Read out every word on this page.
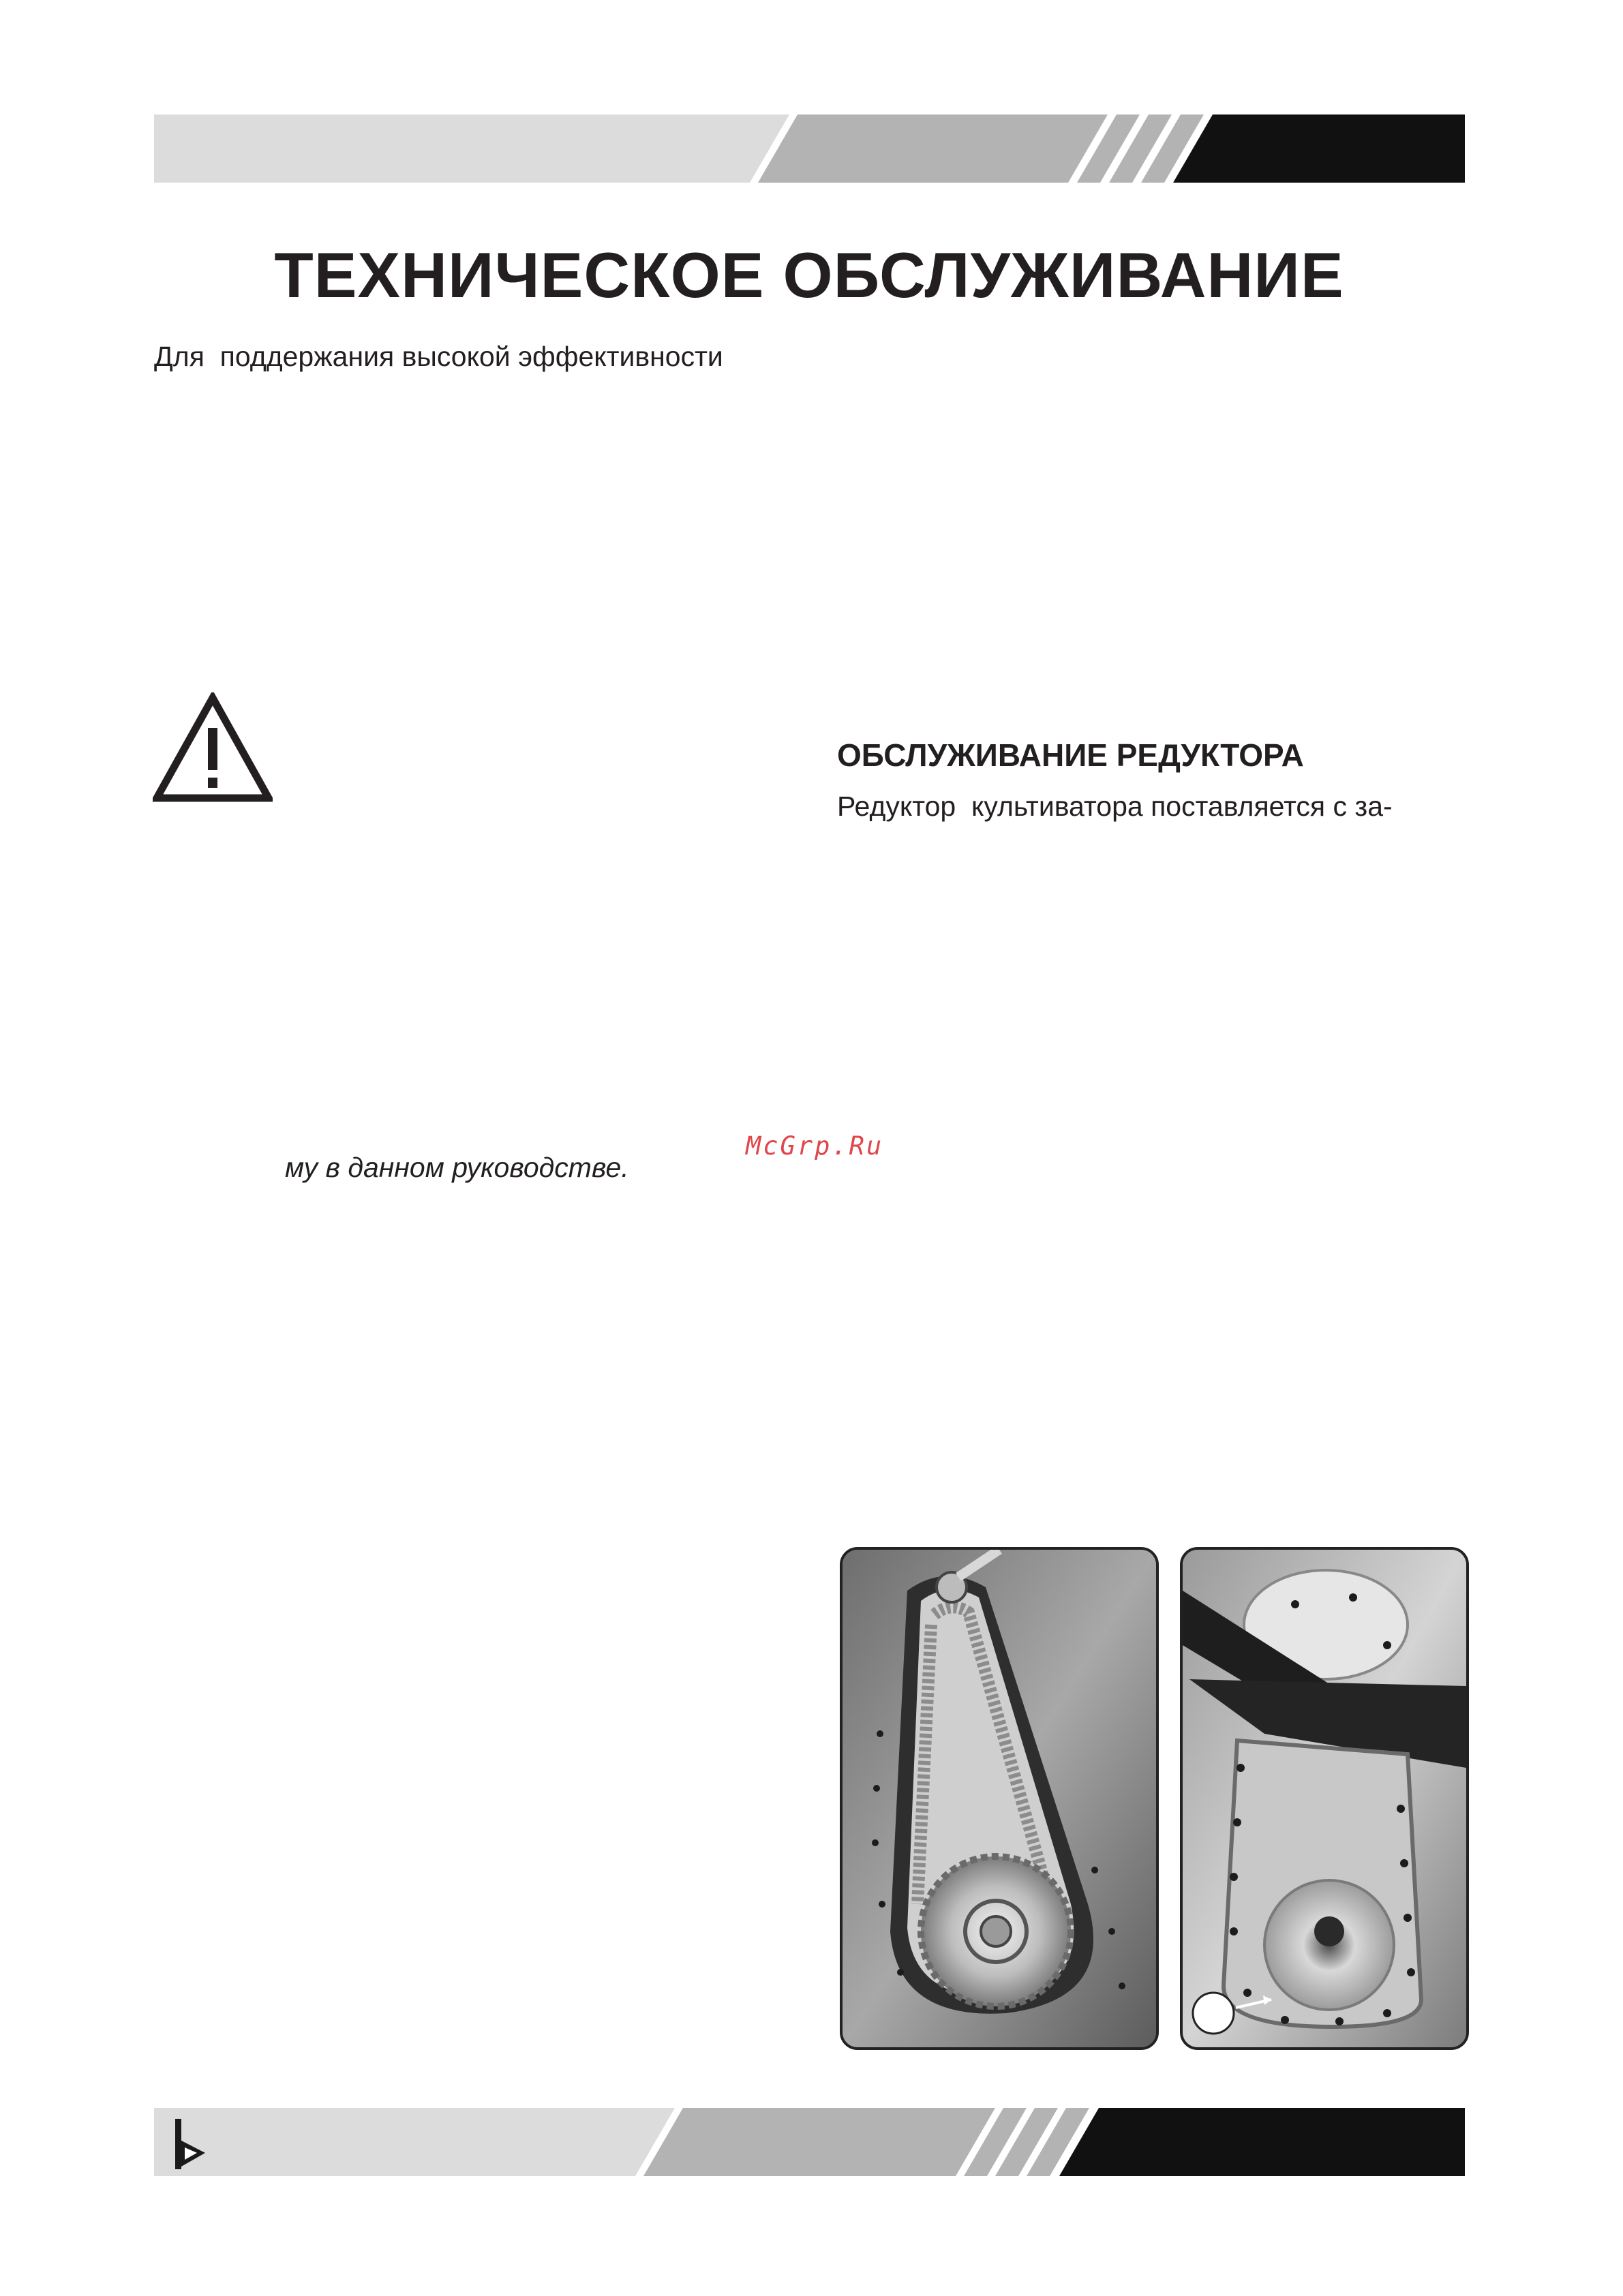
ТЕХНИЧЕСКОЕ ОБСЛУЖИВАНИЕ

Для  поддержания высокой эффективности

ОБСЛУЖИВАНИЕ РЕДУКТОРА

Редуктор  культиватора поставляется с за-

му в данном руководстве.

McGrp.Ru
